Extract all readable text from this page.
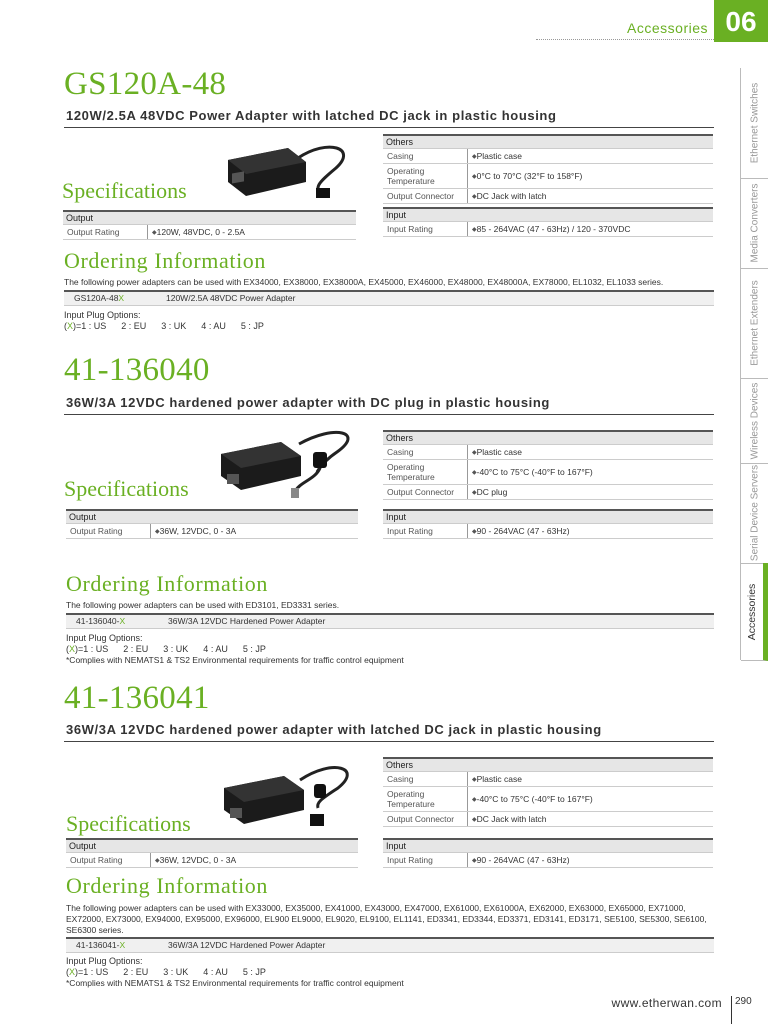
Accessories 06
Ethernet Switches
Media Converters
Ethernet Extenders
Wireless Devices
Serial Device Servers
Accessories
GS120A-48
120W/2.5A 48VDC Power Adapter with latched DC jack in plastic housing
Specifications
Others	
Casing	◆ Plastic case
Operating Temperature	◆ 0°C to 70°C (32°F to 158°F)
Output Connector	◆ DC Jack with latch
Output
Output Rating	◆120W, 48VDC, 0 - 2.5A
Input
Input Rating	◆85 - 264VAC (47 - 63Hz) / 120 - 370VDC
Ordering Information
The following power adapters can be used with EX34000, EX38000, EX38000A, EX45000, EX46000, EX48000, EX48000A, EX78000, EL1032, EL1033 series.
GS120A-48X	120W/2.5A 48VDC Power Adapter
Input Plug Options:
(X)=1 : US      2 : EU      3 : UK      4 : AU      5 : JP
41-136040
36W/3A 12VDC hardened power adapter with DC plug in plastic housing
Specifications
Others	
Casing	◆ Plastic case
Operating Temperature	◆ -40°C to 75°C (-40°F to 167°F)
Output Connector	◆ DC plug
Output
Output Rating	◆36W, 12VDC, 0 - 3A
Input
Input Rating	◆90 - 264VAC (47 - 63Hz)
Ordering Information
The following power adapters can be used with ED3101, ED3331 series.
41-136040-X	36W/3A 12VDC Hardened Power Adapter
Input Plug Options:
(X)=1 : US      2 : EU      3 : UK      4 : AU      5 : JP
*Complies with NEMATS1 & TS2 Environmental requirements for traffic control equipment
41-136041
36W/3A 12VDC hardened power adapter with latched DC jack in plastic housing
Specifications
Others	
Casing	◆ Plastic case
Operating Temperature	◆ -40°C to 75°C (-40°F to 167°F)
Output Connector	◆ DC Jack with latch
Output
Output Rating	◆36W, 12VDC, 0 - 3A
Input
Input Rating	◆90 - 264VAC (47 - 63Hz)
Ordering Information
The following power adapters can be used with EX33000, EX35000, EX41000, EX43000, EX47000, EX61000, EX61000A, EX62000, EX63000, EX65000, EX71000, EX72000, EX73000, EX94000, EX95000, EX96000, EL900 EL9000, EL9020, EL9100, EL1141, ED3341, ED3344, ED3371, ED3141, ED3171, SE5100, SE5300, SE6100, SE6300 series.
41-136041-X	36W/3A 12VDC Hardened Power Adapter
Input Plug Options:
(X)=1 : US      2 : EU      3 : UK      4 : AU      5 : JP
*Complies with NEMATS1 & TS2 Environmental requirements for traffic control equipment
www.etherwan.com	290
